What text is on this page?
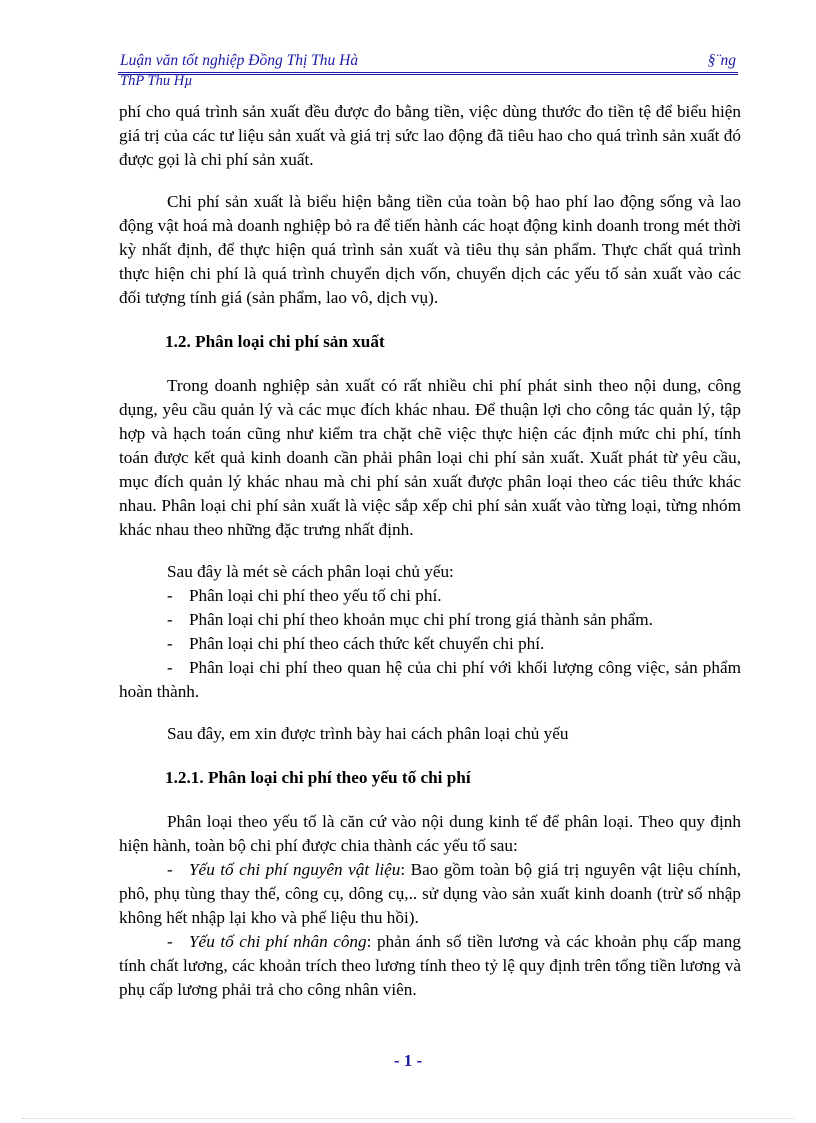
Luận văn tốt nghiệp Đồng Thị Thu Hà	§¨ng
ThP Thu Hµ

phí cho quá trình sản xuất đều được đo bằng tiền, việc dùng thước đo tiền tệ để biểu hiện giá trị của các tư liệu sản xuất và giá trị sức lao động đã tiêu hao cho quá trình sản xuất đó được gọi là chi phí sản xuất.

Chi phí sản xuất là biểu hiện bằng tiền của toàn bộ hao phí lao động sống và lao động vật hoá mà doanh nghiệp bỏ ra để tiến hành các hoạt động kinh doanh trong mét thời kỳ nhất định, để thực hiện quá trình sản xuất và tiêu thụ sản phẩm. Thực chất quá trình thực hiện chi phí là quá trình chuyển dịch vốn, chuyển dịch các yếu tố sản xuất vào các đối tượng tính giá (sản phẩm, lao vô, dịch vụ).

1.2. Phân loại chi phí sản xuất

Trong doanh nghiệp sản xuất có rất nhiều chi phí phát sinh theo nội dung, công dụng, yêu cầu quản lý và các mục đích khác nhau. Để thuận lợi cho công tác quản lý, tập hợp và hạch toán cũng như kiểm tra chặt chẽ việc thực hiện các định mức chi phí, tính toán được kết quả kinh doanh cần phải phân loại chi phí sản xuất. Xuất phát từ yêu cầu, mục đích quản lý khác nhau mà chi phí sản xuất được phân loại theo các tiêu thức khác nhau. Phân loại chi phí sản xuất là việc sắp xếp chi phí sản xuất vào từng loại, từng nhóm khác nhau theo những đặc trưng nhất định.

Sau đây là mét sè cách phân loại chủ yếu:

- Phân loại chi phí theo yếu tố chi phí.

- Phân loại chi phí theo khoản mục chi phí trong giá thành sản phẩm.

- Phân loại chi phí theo cách thức kết chuyển chi phí.

- Phân loại chi phí theo quan hệ của chi phí với khối lượng công việc, sản phẩm hoàn thành.

Sau đây, em xin được trình bày hai cách phân loại chủ yếu

1.2.1. Phân loại chi phí theo yếu tố chi phí

Phân loại theo yếu tố là căn cứ vào nội dung kinh tế để phân loại. Theo quy định hiện hành, toàn bộ chi phí được chia thành các yếu tố sau:

- Yếu tố chi phí nguyên vật liệu: Bao gồm toàn bộ giá trị nguyên vật liệu chính, phô, phụ tùng thay thế, công cụ, dông cụ,.. sử dụng vào sản xuất kinh doanh (trừ số nhập không hết nhập lại kho và phế liệu thu hồi).

- Yếu tố chi phí nhân công: phản ánh số tiền lương và các khoản phụ cấp mang tính chất lương, các khoản trích theo lương tính theo tỷ lệ quy định trên tổng tiền lương và phụ cấp lương phải trả cho công nhân viên.

- 1 -
